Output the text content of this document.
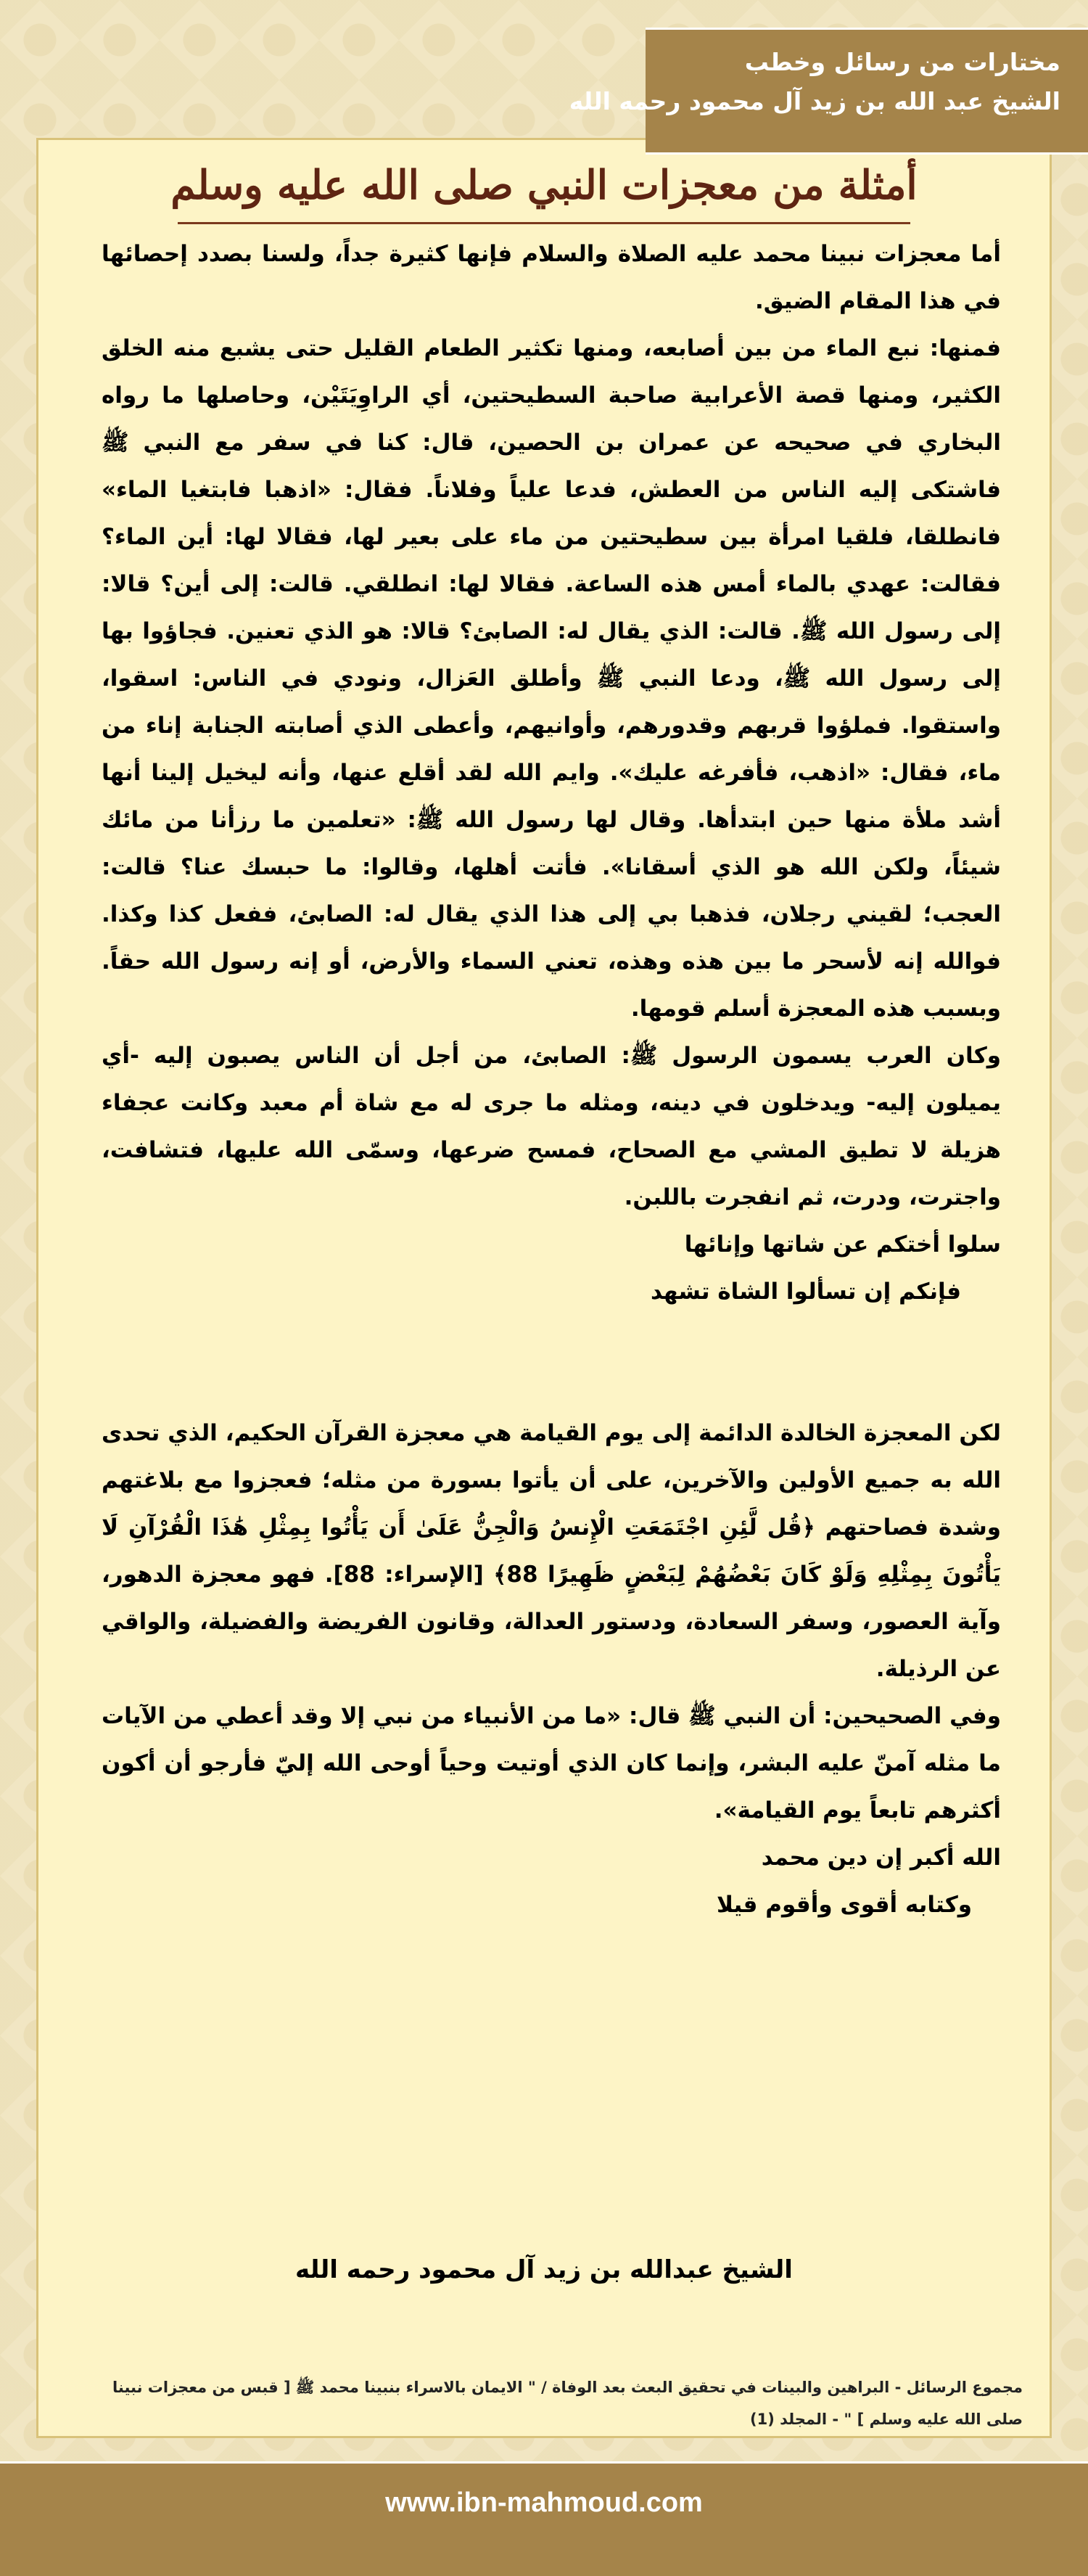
مختارات من رسائل وخطب
الشيخ عبد الله بن زيد آل محمود رحمه الله
أمثلة من معجزات النبي صلى الله عليه وسلم

أما معجزات نبينا محمد عليه الصلاة والسلام فإنها كثيرة جداً، ولسنا بصدد إحصائها في هذا المقام الضيق.

فمنها: نبع الماء من بين أصابعه، ومنها تكثير الطعام القليل حتى يشبع منه الخلق الكثير، ومنها قصة الأعرابية صاحبة السطيحتين، أي الراوِيَتَيْن، وحاصلها ما رواه البخاري في صحيحه عن عمران بن الحصين، قال: كنا في سفر مع النبي ﷺ فاشتكى إليه الناس من العطش، فدعا علياً وفلاناً. فقال: «اذهبا فابتغيا الماء» فانطلقا، فلقيا امرأة بين سطيحتين من ماء على بعير لها، فقالا لها: أين الماء؟ فقالت: عهدي بالماء أمس هذه الساعة. فقالا لها: انطلقي. قالت: إلى أين؟ قالا: إلى رسول الله ﷺ. قالت: الذي يقال له: الصابئ؟ قالا: هو الذي تعنين. فجاؤوا بها إلى رسول الله ﷺ، ودعا النبي ﷺ وأطلق العَزال، ونودي في الناس: اسقوا، واستقوا. فملؤوا قربهم وقدورهم، وأوانيهم، وأعطى الذي أصابته الجنابة إناء من ماء، فقال: «اذهب، فأفرغه عليك». وايم الله لقد أقلع عنها، وأنه ليخيل إلينا أنها أشد ملأة منها حين ابتدأها. وقال لها رسول الله ﷺ: «تعلمين ما رزأنا من مائك شيئاً، ولكن الله هو الذي أسقانا». فأتت أهلها، وقالوا: ما حبسك عنا؟ قالت: العجب؛ لقيني رجلان، فذهبا بي إلى هذا الذي يقال له: الصابئ، ففعل كذا وكذا. فوالله إنه لأسحر ما بين هذه وهذه، تعني السماء والأرض، أو إنه رسول الله حقاً. وبسبب هذه المعجزة أسلم قومها.

وكان العرب يسمون الرسول ﷺ: الصابئ، من أجل أن الناس يصبون إليه -أي يميلون إليه- ويدخلون في دينه، ومثله ما جرى له مع شاة أم معبد وكانت عجفاء هزيلة لا تطيق المشي مع الصحاح، فمسح ضرعها، وسمّى الله عليها، فتشافت، واجترت، ودرت، ثم انفجرت باللبن.

سلوا أختكم عن شاتها وإنائها

فإنكم إن تسألوا الشاة تشهد

لكن المعجزة الخالدة الدائمة إلى يوم القيامة هي معجزة القرآن الحكيم، الذي تحدى الله به جميع الأولين والآخرين، على أن يأتوا بسورة من مثله؛ فعجزوا مع بلاغتهم وشدة فصاحتهم ﴿قُل لَّئِنِ اجْتَمَعَتِ الْإِنسُ وَالْجِنُّ عَلَىٰ أَن يَأْتُوا بِمِثْلِ هَٰذَا الْقُرْآنِ لَا يَأْتُونَ بِمِثْلِهِ وَلَوْ كَانَ بَعْضُهُمْ لِبَعْضٍ ظَهِيرًا 88﴾ [الإسراء: 88]. فهو معجزة الدهور، وآية العصور، وسفر السعادة، ودستور العدالة، وقانون الفريضة والفضيلة، والواقي عن الرذيلة.

وفي الصحيحين: أن النبي ﷺ قال: «ما من الأنبياء من نبي إلا وقد أعطي من الآيات ما مثله آمنّ عليه البشر، وإنما كان الذي أوتيت وحياً أوحى الله إليّ فأرجو أن أكون أكثرهم تابعاً يوم القيامة».

الله أكبر إن دين محمد

وكتابه أقوى وأقوم قيلا

الشيخ عبدالله بن زيد آل محمود رحمه الله
مجموع الرسائل - البراهين والبينات في تحقيق البعث بعد الوفاة / " الايمان بالاسراء بنبينا محمد ﷺ [ قبس من معجزات نبينا صلى الله عليه وسلم ] " - المجلد (1)
www.ibn-mahmoud.com
